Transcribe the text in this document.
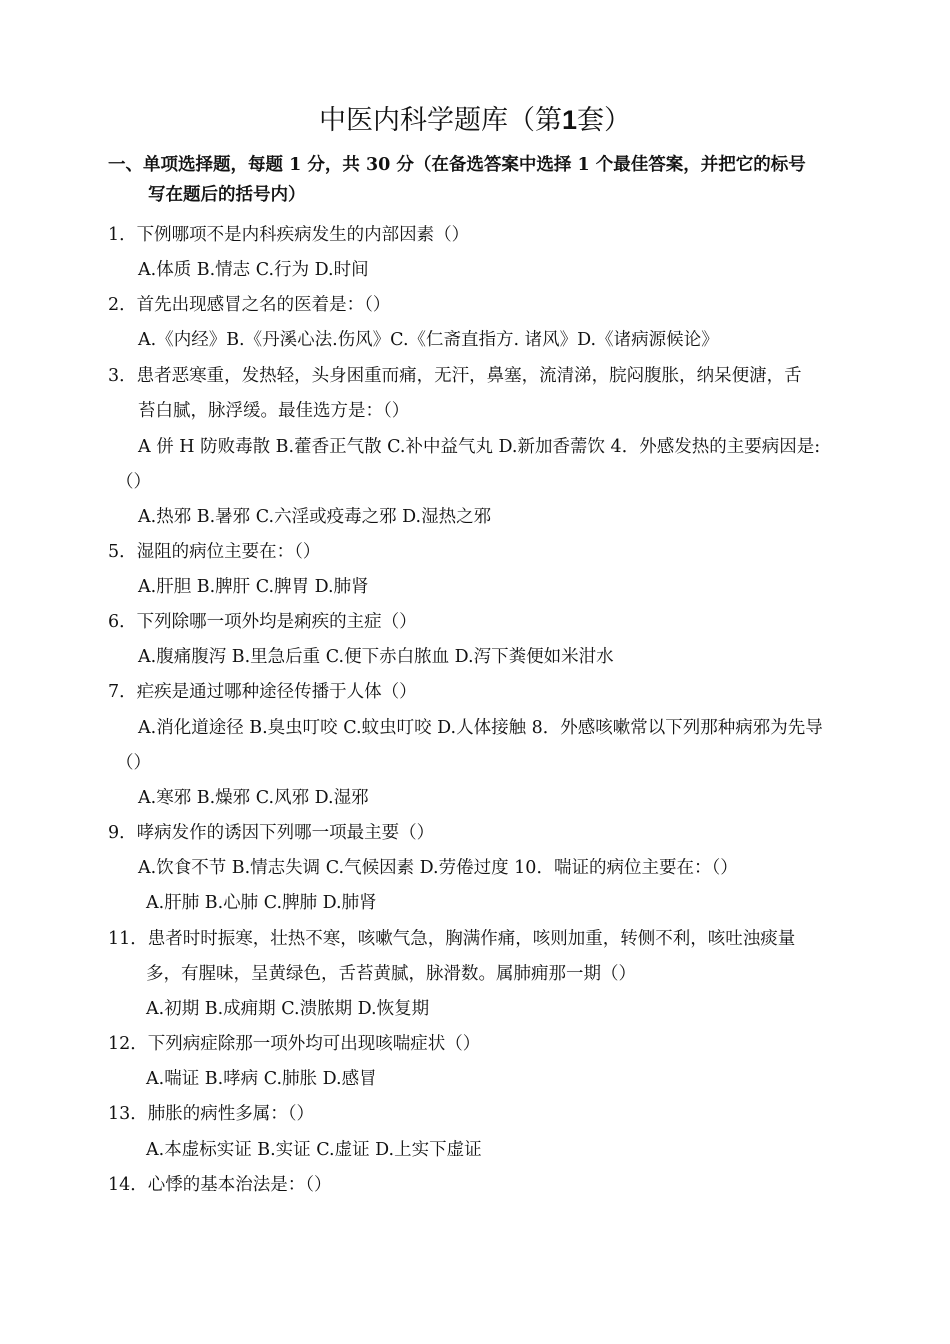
中医内科学题库（第1套）
一、单项选择题，每题 1 分，共 30 分（在备选答案中选择 1 个最佳答案，并把它的标号
写在题后的括号内）
1．下例哪项不是内科疾病发生的内部因素（）
A.体质 B.情志 C.行为 D.时间
2．首先出现感冒之名的医着是：（）
A.《内经》B.《丹溪心法.伤风》C.《仁斋直指方. 诸风》D.《诸病源候论》
3．患者恶寒重，发热轻，头身困重而痛，无汗，鼻塞，流清涕，脘闷腹胀，纳呆便溏，舌
苔白腻，脉浮缓。最佳选方是：（）
A 併 H 防败毒散 B.藿香正气散 C.补中益气丸 D.新加香薷饮 4．外感发热的主要病因是:
（）
A.热邪 B.暑邪 C.六淫或疫毒之邪 D.湿热之邪
5．湿阻的病位主要在：（）
A.肝胆 B.脾肝 C.脾胃 D.肺肾
6．下列除哪一项外均是痢疾的主症（）
A.腹痛腹泻 B.里急后重 C.便下赤白脓血 D.泻下粪便如米泔水
7．疟疾是通过哪种途径传播于人体（）
A.消化道途径 B.臭虫叮咬 C.蚊虫叮咬 D.人体接触 8．外感咳嗽常以下列那种病邪为先导
（）
A.寒邪 B.燥邪 C.风邪 D.湿邪
9．哮病发作的诱因下列哪一项最主要（）
A.饮食不节 B.情志失调 C.气候因素 D.劳倦过度 10．喘证的病位主要在：（）
A.肝肺 B.心肺 C.脾肺 D.肺肾
11．患者时时振寒，壮热不寒，咳嗽气急，胸满作痛，咳则加重，转侧不利，咳吐浊痰量
多，有腥味，呈黄绿色，舌苔黄腻，脉滑数。属肺痈那一期（）
A.初期 B.成痈期 C.溃脓期 D.恢复期
12．下列病症除那一项外均可出现咳喘症状（）
A.喘证 B.哮病 C.肺胀 D.感冒
13．肺胀的病性多属：（）
A.本虚标实证 B.实证 C.虚证 D.上实下虚证
14．心悸的基本治法是：（）
